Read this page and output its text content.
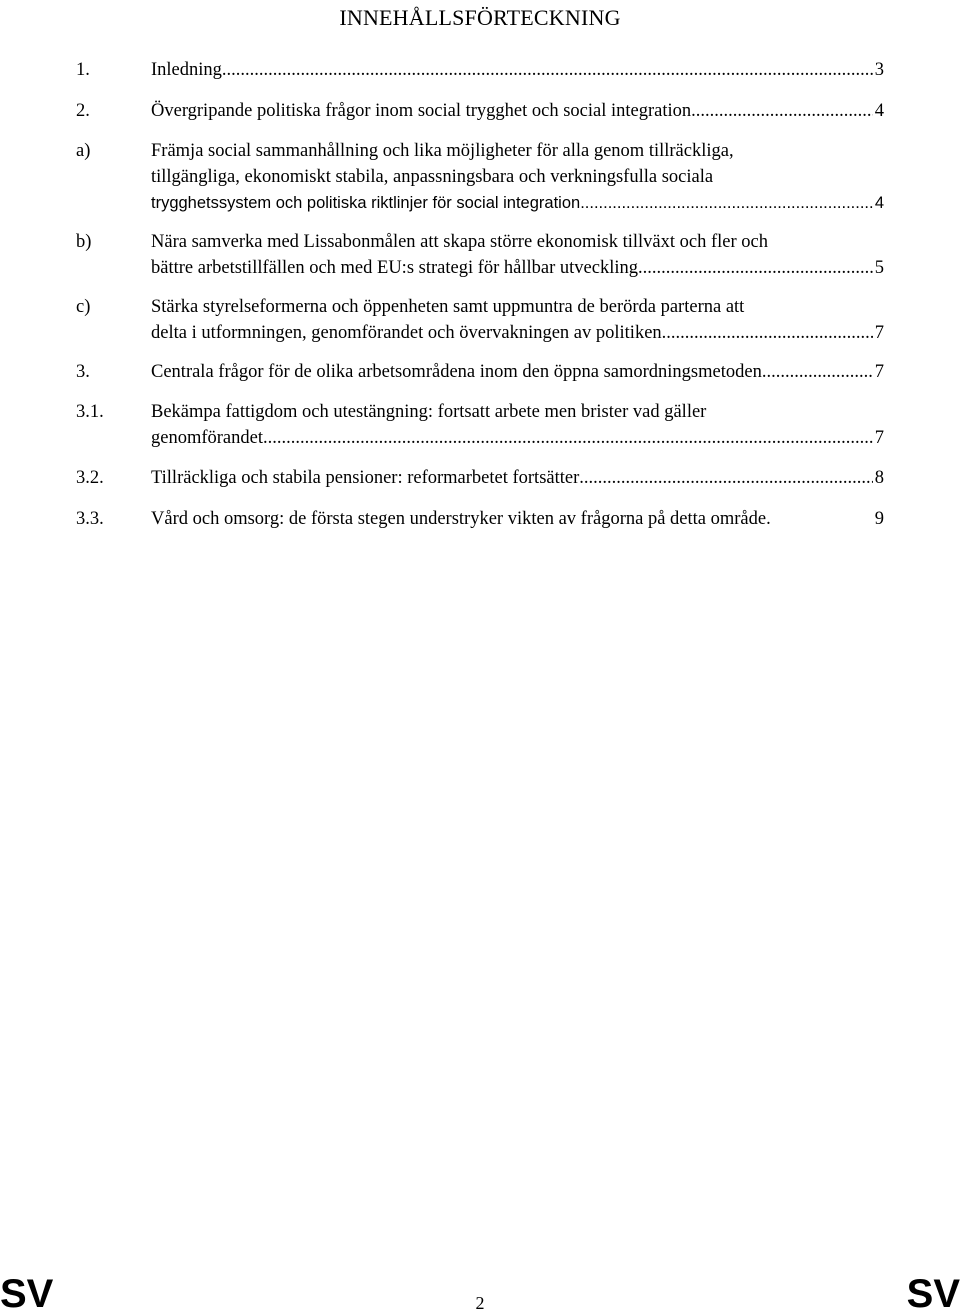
INNEHÅLLSFÖRTECKNING
1.	Inledning .....	3
2.	Övergripande politiska frågor inom social trygghet och social integration .....	4
a)	Främja social sammanhållning och lika möjligheter för alla genom tillräckliga,
tillgängliga, ekonomiskt stabila, anpassningsbara och verkningsfulla sociala
trygghetssystem och politiska riktlinjer för social integration .....	4
b)	Nära samverka med Lissabonmålen att skapa större ekonomisk tillväxt och fler och
bättre arbetstillfällen och med EU:s strategi för hållbar utveckling. .....	5
c)	Stärka styrelseformerna och öppenheten samt uppmuntra de berörda parterna att
delta i utformningen, genomförandet och övervakningen av politiken. .....	7
3.	Centrala frågor för de olika arbetsområdena inom den öppna samordningsmetoden .....	7
3.1.	Bekämpa fattigdom och utestängning: fortsatt arbete men brister vad gäller
genomförandet .....	7
3.2.	Tillräckliga och stabila pensioner: reformarbetet fortsätter .....	8
3.3.	Vård och omsorg: de första stegen understryker vikten av frågorna på detta område.	9
SV	2	SV
